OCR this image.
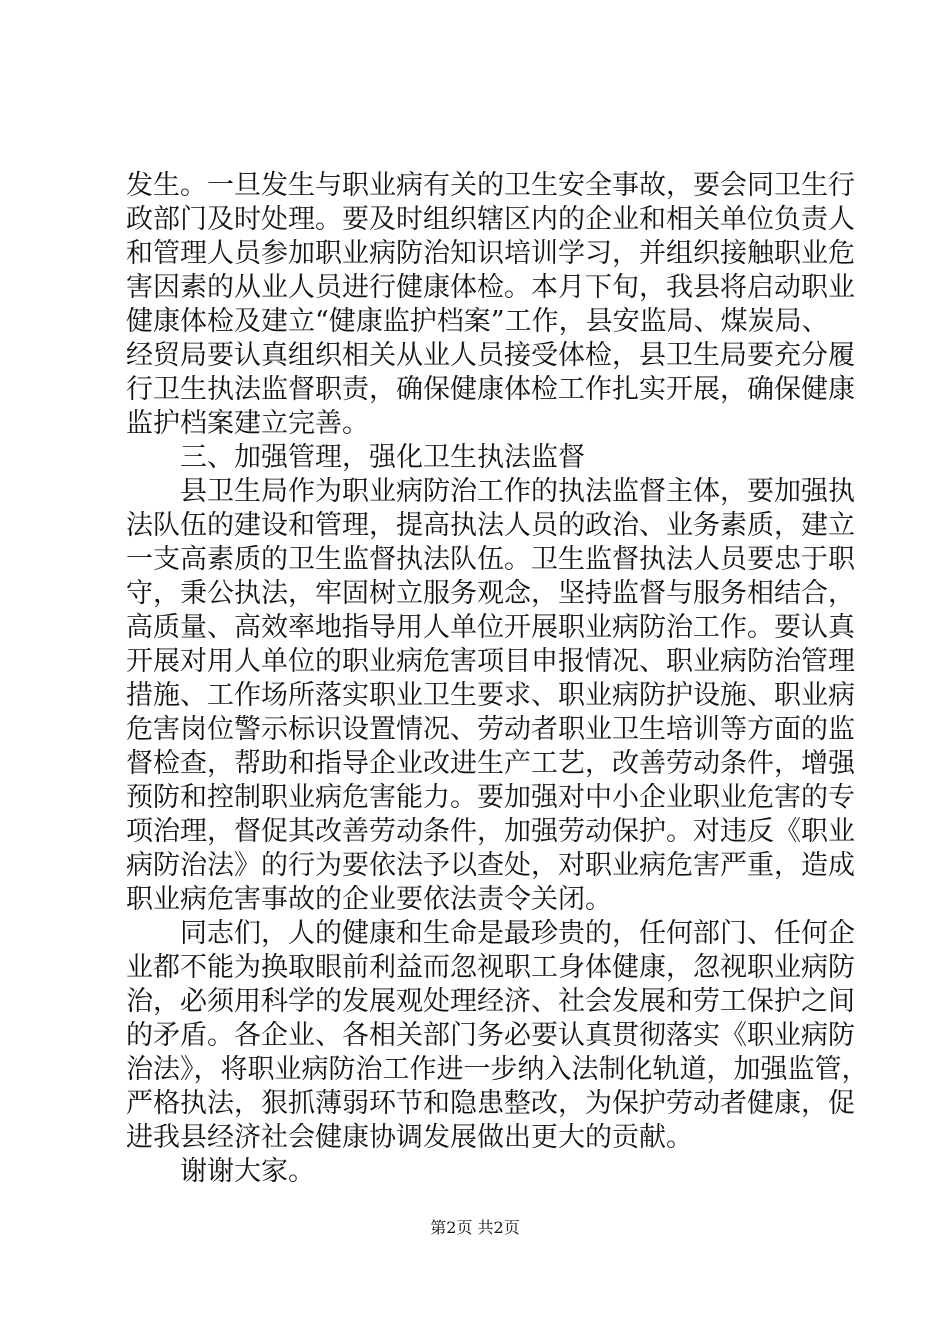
发生。一旦发生与职业病有关的卫生安全事故，要会同卫生行
政部门及时处理。要及时组织辖区内的企业和相关单位负责人
和管理人员参加职业病防治知识培训学习，并组织接触职业危
害因素的从业人员进行健康体检。本月下旬，我县将启动职业
健康体检及建立“健康监护档案”工作，县安监局、煤炭局、
经贸局要认真组织相关从业人员接受体检，县卫生局要充分履
行卫生执法监督职责，确保健康体检工作扎实开展，确保健康
监护档案建立完善。
三、加强管理，强化卫生执法监督
县卫生局作为职业病防治工作的执法监督主体，要加强执
法队伍的建设和管理，提高执法人员的政治、业务素质，建立
一支高素质的卫生监督执法队伍。卫生监督执法人员要忠于职
守，秉公执法，牢固树立服务观念，坚持监督与服务相结合，
高质量、高效率地指导用人单位开展职业病防治工作。要认真
开展对用人单位的职业病危害项目申报情况、职业病防治管理
措施、工作场所落实职业卫生要求、职业病防护设施、职业病
危害岗位警示标识设置情况、劳动者职业卫生培训等方面的监
督检查，帮助和指导企业改进生产工艺，改善劳动条件，增强
预防和控制职业病危害能力。要加强对中小企业职业危害的专
项治理，督促其改善劳动条件，加强劳动保护。对违反《职业
病防治法》的行为要依法予以查处，对职业病危害严重，造成
职业病危害事故的企业要依法责令关闭。
同志们，人的健康和生命是最珍贵的，任何部门、任何企
业都不能为换取眼前利益而忽视职工身体健康，忽视职业病防
治，必须用科学的发展观处理经济、社会发展和劳工保护之间
的矛盾。各企业、各相关部门务必要认真贯彻落实《职业病防
治法》，将职业病防治工作进一步纳入法制化轨道，加强监管，
严格执法，狠抓薄弱环节和隐患整改，为保护劳动者健康，促
进我县经济社会健康协调发展做出更大的贡献。
谢谢大家。
第2页 共2页
